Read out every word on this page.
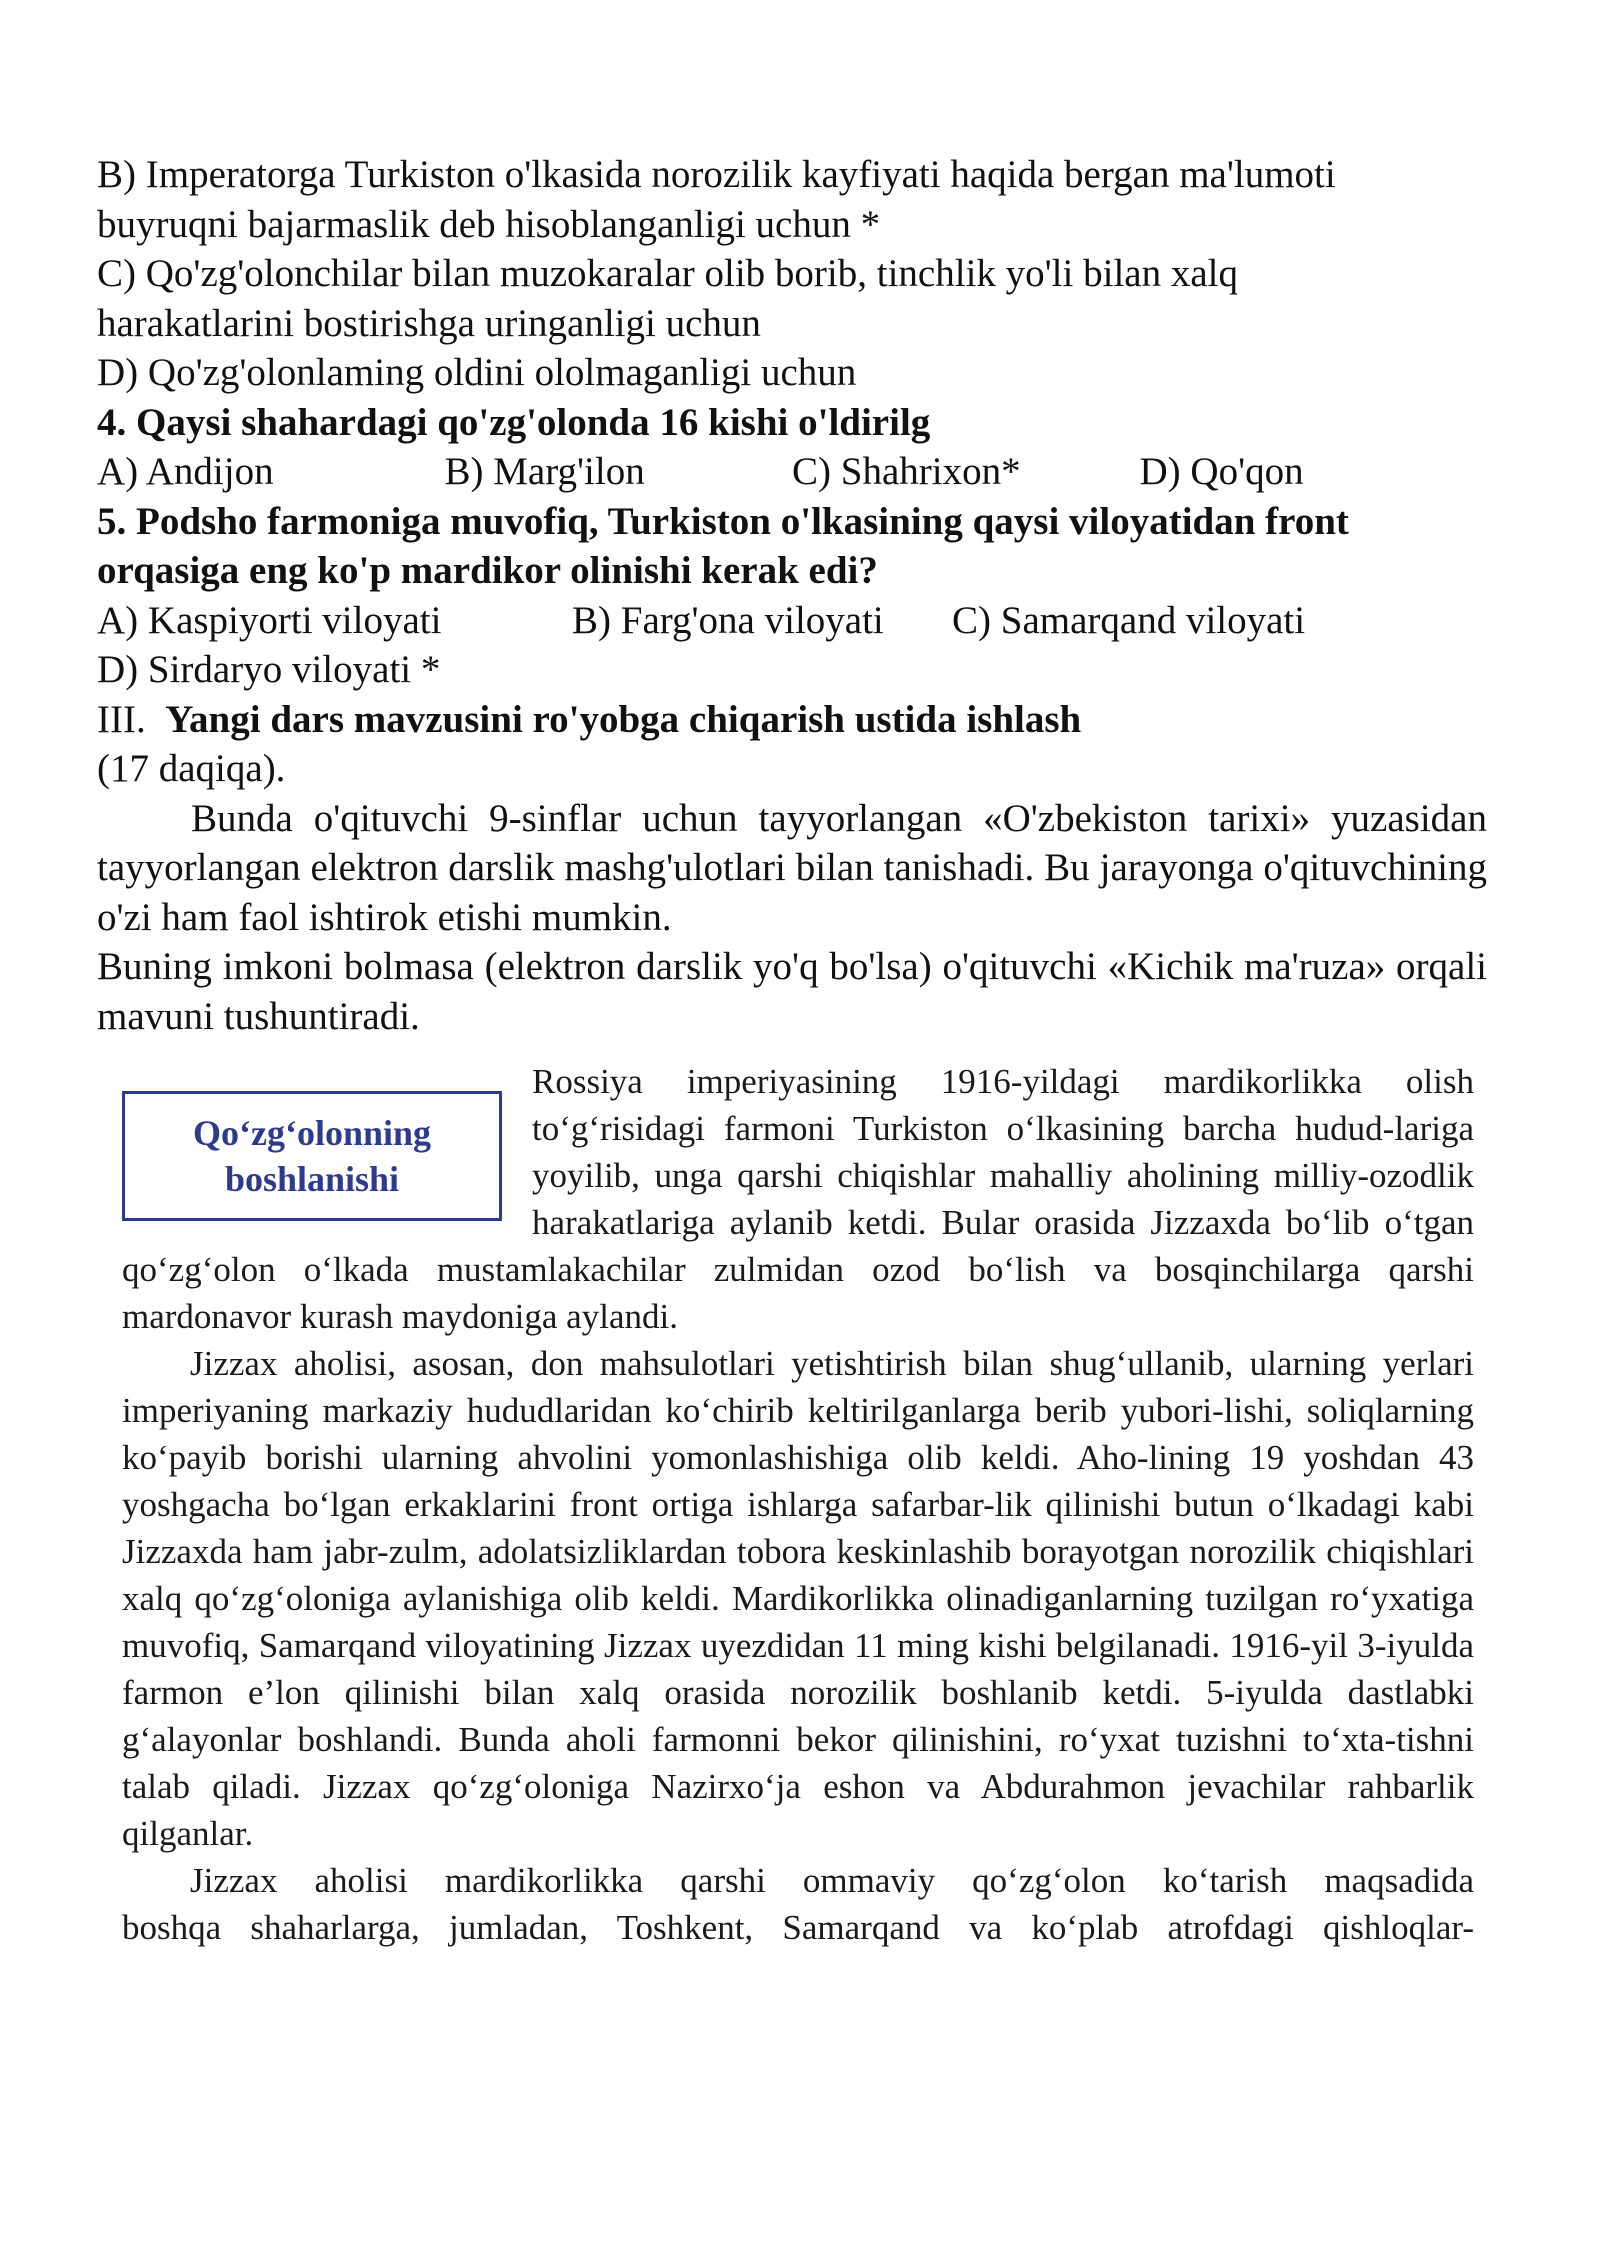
B) Imperatorga Turkiston o'lkasida norozilik kayfiyati haqida bergan ma'lumoti

buyruqni bajarmaslik deb hisoblanganligi uchun *

C) Qo'zg'olonchilar bilan muzokaralar olib borib, tinchlik yo'li bilan xalq

harakatlarini bostirishga uringanligi uchun

D) Qo'zg'olonlaming oldini ololmaganligi uchun

4. Qaysi shahardagi qo'zg'olonda 16 kishi o'ldirilg

A) Andijon	B) Marg'ilon	C) Shahrixon*	D) Qo'qon

5. Podsho farmoniga muvofiq, Turkiston o'lkasining qaysi viloyatidan front

orqasiga eng ko'p mardikor olinishi kerak edi?

A) Kaspiyorti viloyati	B) Farg'ona viloyati	C) Samarqand viloyati

D) Sirdaryo viloyati *

III. Yangi dars mavzusini ro'yobga chiqarish ustida ishlash

(17 daqiqa).

Bunda o'qituvchi 9-sinflar uchun tayyorlangan «O'zbekiston tarixi» yuzasidan tayyorlangan elektron darslik mashg'ulotlari bilan tanishadi. Bu jarayonga o'qituvchining o'zi ham faol ishtirok etishi mumkin.

Buning imkoni bolmasa (elektron darslik yo'q bo'lsa) o'qituvchi «Kichik ma'ruza» orqali mavuni tushuntiradi.

Qo‘zg‘olonning
boshlanishi

Rossiya imperiyasining 1916-yildagi mardikorlikka olish to‘g‘risidagi farmoni Turkiston o‘lkasining barcha hudud-lariga yoyilib, unga qarshi chiqishlar mahalliy aholining milliy-ozodlik harakatlariga aylanib ketdi. Bular orasida Jizzaxda bo‘lib o‘tgan qo‘zg‘olon o‘lkada mustamlakachilar zulmidan ozod bo‘lish va bosqinchilarga qarshi mardonavor kurash maydoniga aylandi.

Jizzax aholisi, asosan, don mahsulotlari yetishtirish bilan shug‘ullanib, ularning yerlari imperiyaning markaziy hududlaridan ko‘chirib keltirilganlarga berib yubori-lishi, soliqlarning ko‘payib borishi ularning ahvolini yomonlashishiga olib keldi. Aho-lining 19 yoshdan 43 yoshgacha bo‘lgan erkaklarini front ortiga ishlarga safarbar-lik qilinishi butun o‘lkadagi kabi Jizzaxda ham jabr-zulm, adolatsizliklardan tobora keskinlashib borayotgan norozilik chiqishlari xalq qo‘zg‘oloniga aylanishiga olib keldi. Mardikorlikka olinadiganlarning tuzilgan ro‘yxatiga muvofiq, Samarqand viloyatining Jizzax uyezdidan 11 ming kishi belgilanadi. 1916-yil 3-iyulda farmon e’lon qilinishi bilan xalq orasida norozilik boshlanib ketdi. 5-iyulda dastlabki g‘alayonlar boshlandi. Bunda aholi farmonni bekor qilinishini, ro‘yxat tuzishni to‘xta-tishni talab qiladi. Jizzax qo‘zg‘oloniga Nazirxo‘ja eshon va Abdurahmon jevachilar rahbarlik qilganlar.

Jizzax aholisi mardikorlikka qarshi ommaviy qo‘zg‘olon ko‘tarish maqsadida

boshqa shaharlarga, jumladan, Toshkent, Samarqand va ko‘plab atrofdagi qishloqlar-
